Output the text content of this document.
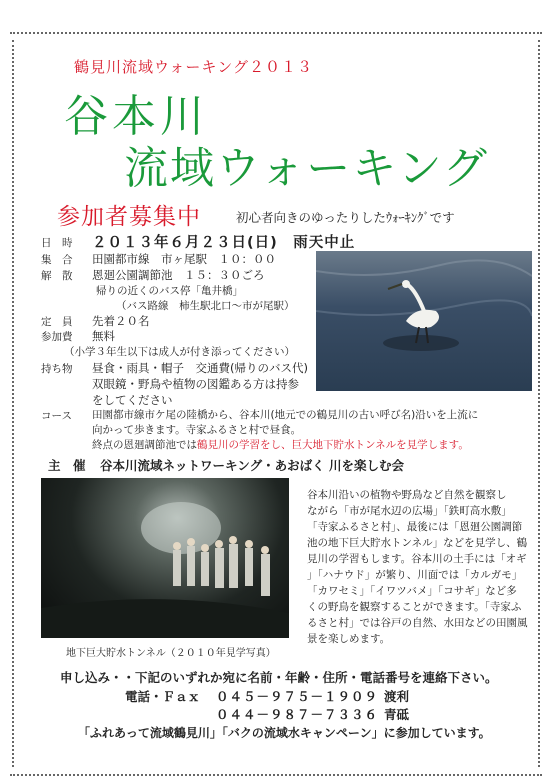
鶴見川流域ウォーキング２０１３
谷本川
流域ウォーキング
参加者募集中	初心者向きのゆったりしたｳｫｰｷﾝｸﾞです
日　時 ２０１３年６月２３日(日)　雨天中止
集　合 田園都市線　市ヶ尾駅　１０：００
解　散 恩廻公園調節池　１５：３０ごろ
帰りの近くのバス停「亀井橋」
（バス路線　柿生駅北口～市が尾駅）
定　員 先着２０名
参加費 無料
（小学３年生以下は成人が付き添ってください）
持ち物 昼食・雨具・帽子　交通費(帰りのバス代)
双眼鏡・野鳥や植物の図鑑ある方は持参
をしてください
コース 田園都市線市ケ尾の陸橋から、谷本川(地元での鶴見川の古い呼び名)沿いを上流に
向かって歩きます。寺家ふるさと村で昼食。
終点の恩廻調節池では鶴見川の学習をし、巨大地下貯水トンネルを見学します。
主　催 谷本川流域ネットワーキング・あおばく 川を楽しむ会
地下巨大貯水トンネル（２０１０年見学写真）
谷本川沿いの植物や野鳥など自然を観察し
ながら「市が尾水辺の広場」「鉄町高水敷」
「寺家ふるさと村」、最後には「恩廻公園調節
池の地下巨大貯水トンネル」などを見学し、鶴
見川の学習もします。谷本川の土手には「オギ
」「ハナウド」が繁り、川面では「カルガモ」
「カワセミ」「イワツバメ」「コサギ」など多
くの野鳥を観察することができます。「寺家ふ
るさと村」では谷戸の自然、水田などの田園風
景を楽しめます。
申し込み・・下記のいずれか宛に名前・年齢・住所・電話番号を連絡下さい。
電話・Ｆａｘ ０４５－９７５－１９０９ 渡利
０４４－９８７－７３３６ 青砥
「ふれあって流域鶴見川」「バクの流域水キャンペーン」に参加しています。
